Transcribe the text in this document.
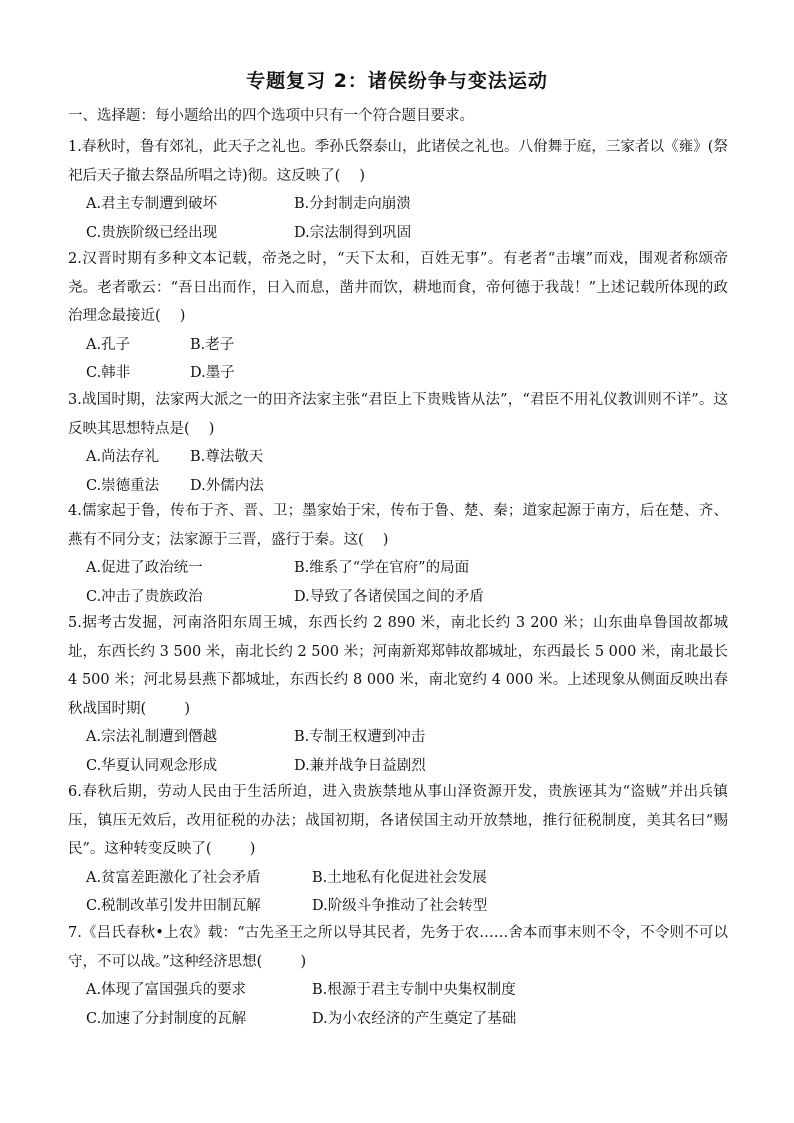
专题复习 2：诸侯纷争与变法运动
一、选择题：每小题给出的四个选项中只有一个符合题目要求。
1.春秋时，鲁有郊礼，此天子之礼也。季孙氏祭泰山，此诸侯之礼也。八佾舞于庭，三家者以《雍》(祭祀后天子撤去祭品所唱之诗)彻。这反映了(　 )
A.君主专制遭到破坏	B.分封制走向崩溃
C.贵族阶级已经出现	D.宗法制得到巩固
2.汉晋时期有多种文本记载，帝尧之时，“天下太和，百姓无事”。有老者“击壤”而戏，围观者称颂帝尧。老者歌云：“吾日出而作，日入而息，凿井而饮，耕地而食，帝何德于我哉！”上述记载所体现的政治理念最接近(　 )
A.孔子	B.老子
C.韩非	D.墨子
3.战国时期，法家两大派之一的田齐法家主张“君臣上下贵贱皆从法”，“君臣不用礼仪教训则不详”。这反映其思想特点是(　 )
A.尚法存礼 B.尊法敬天
C.崇德重法 D.外儒内法
4.儒家起于鲁，传布于齐、晋、卫；墨家始于宋，传布于鲁、楚、秦；道家起源于南方，后在楚、齐、燕有不同分支；法家源于三晋，盛行于秦。这(　 )
A.促进了政治统一	B.维系了“学在官府”的局面
C.冲击了贵族政治	D.导致了各诸侯国之间的矛盾
5.据考古发掘，河南洛阳东周王城，东西长约 2 890 米，南北长约 3 200 米；山东曲阜鲁国故都城址，东西长约 3 500 米，南北长约 2 500 米；河南新郑郑韩故都城址，东西最长 5 000 米，南北最长 4 500 米；河北易县燕下都城址，东西长约 8 000 米，南北宽约 4 000 米。上述现象从侧面反映出春秋战国时期(　 　 )
A.宗法礼制遭到僭越	B.专制王权遭到冲击
C.华夏认同观念形成	D.兼并战争日益剧烈
6.春秋后期，劳动人民由于生活所迫，进入贵族禁地从事山泽资源开发，贵族诬其为“盗贼”并出兵镇压，镇压无效后，改用征税的办法；战国初期，各诸侯国主动开放禁地，推行征税制度，美其名曰“赐民”。这种转变反映了(　 　 )
A.贫富差距激化了社会矛盾	B.土地私有化促进社会发展
C.税制改革引发井田制瓦解	D.阶级斗争推动了社会转型
7.《吕氏春秋•上农》载：“古先圣王之所以导其民者，先务于农……舍本而事末则不令，不令则不可以守，不可以战。”这种经济思想(　 　 )
A.体现了富国强兵的要求	B.根源于君主专制中央集权制度
C.加速了分封制度的瓦解	D.为小农经济的产生奠定了基础
